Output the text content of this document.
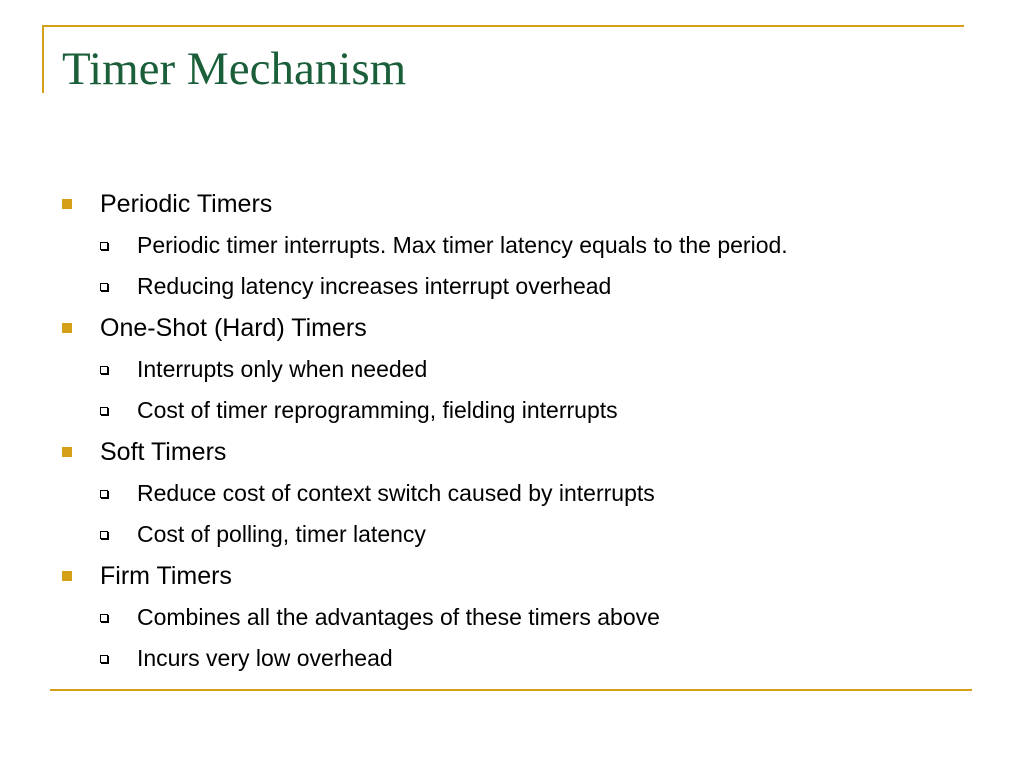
Timer Mechanism
Periodic Timers
Periodic timer interrupts. Max timer latency equals to the period.
Reducing latency increases interrupt overhead
One-Shot (Hard) Timers
Interrupts only when needed
Cost of timer reprogramming, fielding interrupts
Soft Timers
Reduce cost of context switch caused by interrupts
Cost of polling, timer latency
Firm Timers
Combines all the advantages of these timers above
Incurs very low overhead
